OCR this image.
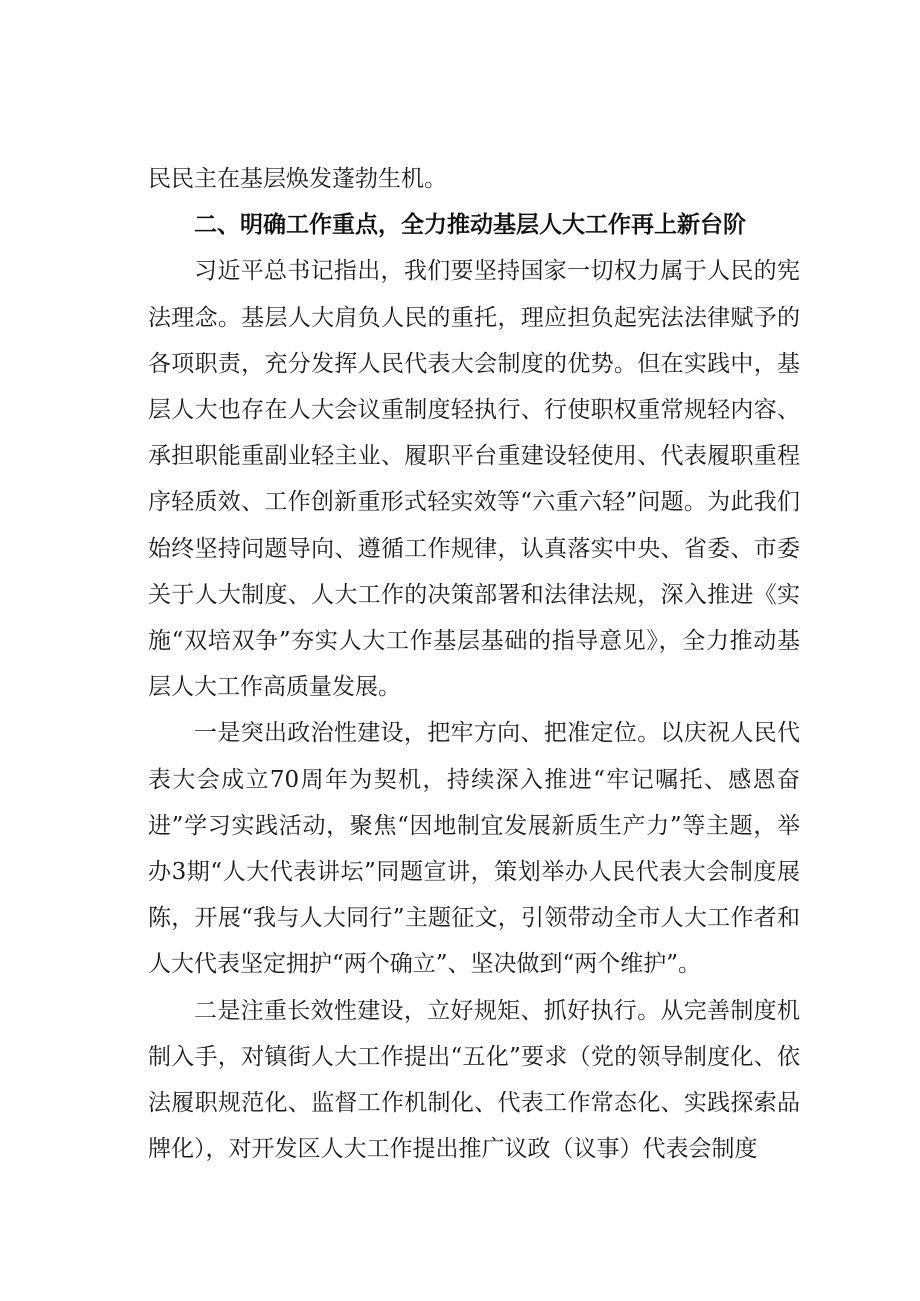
民民主在基层焕发蓬勃生机。

二、明确工作重点，全力推动基层人大工作再上新台阶

习近平总书记指出，我们要坚持国家一切权力属于人民的宪法理念。基层人大肩负人民的重托，理应担负起宪法法律赋予的各项职责，充分发挥人民代表大会制度的优势。但在实践中，基层人大也存在人大会议重制度轻执行、行使职权重常规轻内容、承担职能重副业轻主业、履职平台重建设轻使用、代表履职重程序轻质效、工作创新重形式轻实效等“六重六轻”问题。为此我们始终坚持问题导向、遵循工作规律，认真落实中央、省委、市委关于人大制度、人大工作的决策部署和法律法规，深入推进《实施“双培双争”夯实人大工作基层基础的指导意见》，全力推动基层人大工作高质量发展。

一是突出政治性建设，把牢方向、把准定位。以庆祝人民代表大会成立70周年为契机，持续深入推进“牢记嘱托、感恩奋进”学习实践活动，聚焦“因地制宜发展新质生产力”等主题，举办3期“人大代表讲坛”同题宣讲，策划举办人民代表大会制度展陈，开展“我与人大同行”主题征文，引领带动全市人大工作者和人大代表坚定拥护“两个确立”、坚决做到“两个维护”。

二是注重长效性建设，立好规矩、抓好执行。从完善制度机制入手，对镇街人大工作提出“五化”要求（党的领导制度化、依法履职规范化、监督工作机制化、代表工作常态化、实践探索品牌化），对开发区人大工作提出推广议政（议事）代表会制度
